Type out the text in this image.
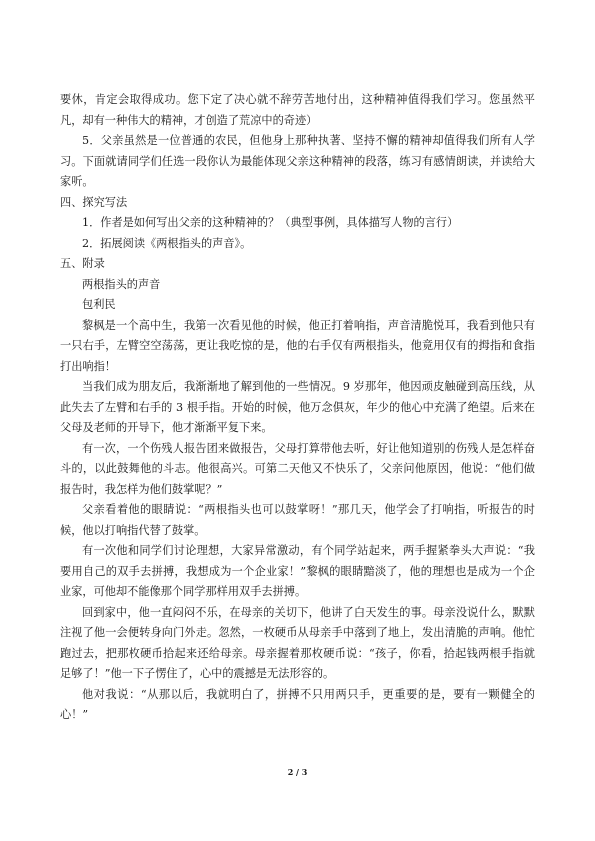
要休，肯定会取得成功。您下定了决心就不辞劳苦地付出，这种精神值得我们学习。您虽然平凡，却有一种伟大的精神，才创造了荒凉中的奇迹）

5．父亲虽然是一位普通的农民，但他身上那种执著、坚持不懈的精神却值得我们所有人学习。下面就请同学们任选一段你认为最能体现父亲这种精神的段落，练习有感情朗读，并读给大家听。

四、探究写法

1．作者是如何写出父亲的这种精神的？（典型事例，具体描写人物的言行）

2．拓展阅读《两根指头的声音》。

五、附录

两根指头的声音

包利民

黎枫是一个高中生，我第一次看见他的时候，他正打着响指，声音清脆悦耳，我看到他只有一只右手，左臂空空荡荡，更让我吃惊的是，他的右手仅有两根指头，他竟用仅有的拇指和食指打出响指！

当我们成为朋友后，我渐渐地了解到他的一些情况。9 岁那年，他因顽皮触碰到高压线，从此失去了左臂和右手的 3 根手指。开始的时候，他万念俱灰，年少的他心中充满了绝望。后来在父母及老师的开导下，他才渐渐平复下来。

有一次，一个伤残人报告团来做报告，父母打算带他去听，好让他知道别的伤残人是怎样奋斗的，以此鼓舞他的斗志。他很高兴。可第二天他又不快乐了，父亲问他原因，他说：“他们做报告时，我怎样为他们鼓掌呢？”

父亲看着他的眼睛说：“两根指头也可以鼓掌呀！”那几天，他学会了打响指，听报告的时候，他以打响指代替了鼓掌。

有一次他和同学们讨论理想，大家异常激动，有个同学站起来，两手握紧拳头大声说：“我要用自己的双手去拼搏，我想成为一个企业家！”黎枫的眼睛黯淡了，他的理想也是成为一个企业家，可他却不能像那个同学那样用双手去拼搏。

回到家中，他一直闷闷不乐，在母亲的关切下，他讲了白天发生的事。母亲没说什么，默默注视了他一会便转身向门外走。忽然，一枚硬币从母亲手中落到了地上，发出清脆的声响。他忙跑过去，把那枚硬币拾起来还给母亲。母亲握着那枚硬币说：“孩子，你看，拾起钱两根手指就足够了！”他一下子愣住了，心中的震撼是无法形容的。

他对我说：“从那以后，我就明白了，拼搏不只用两只手，更重要的是，要有一颗健全的心！”

2 / 3
